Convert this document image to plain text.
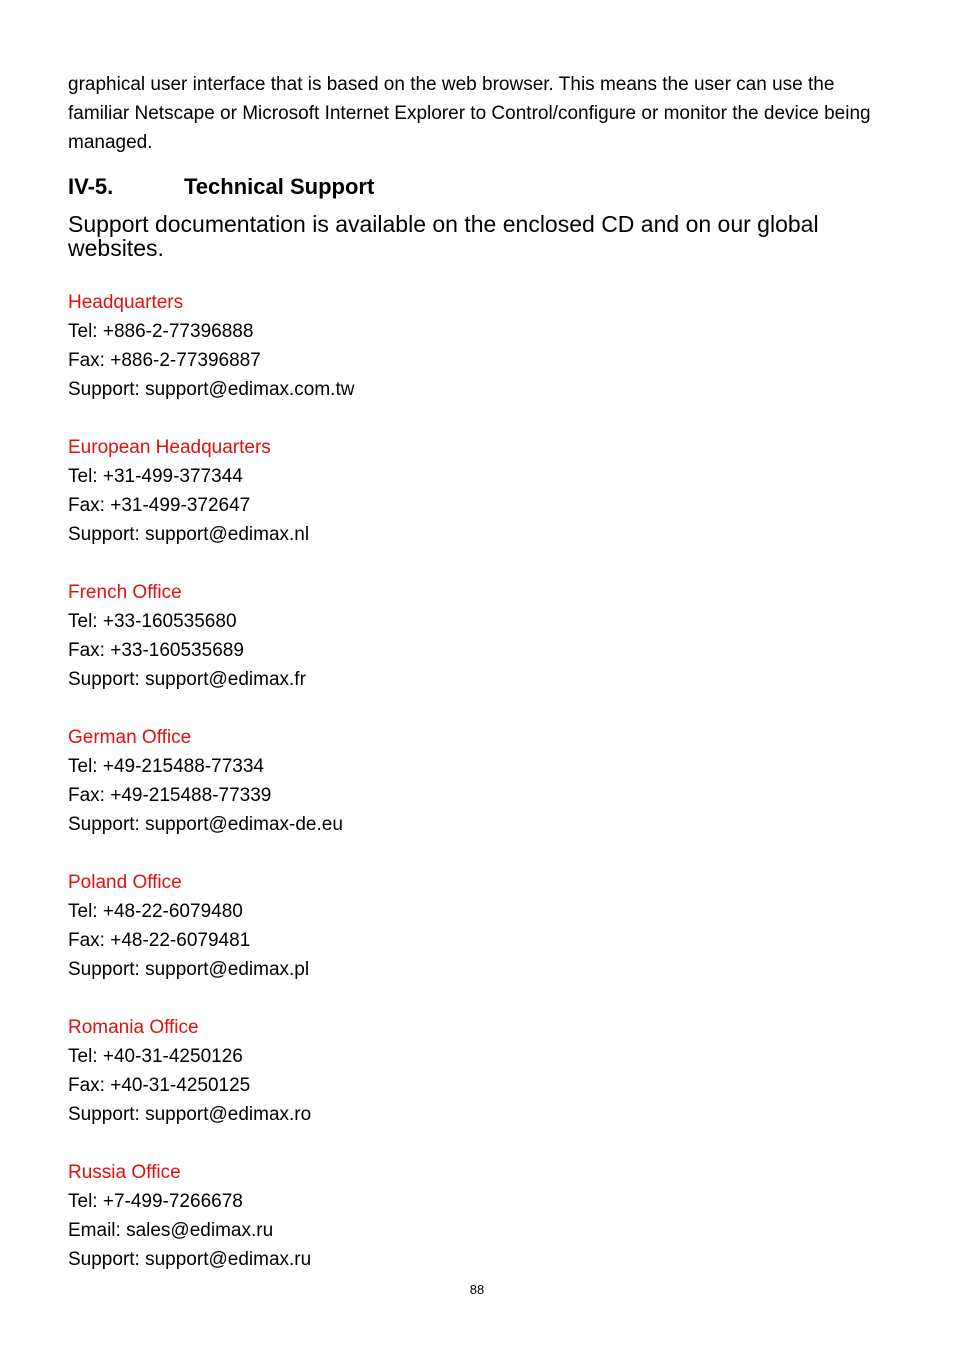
graphical user interface that is based on the web browser. This means the user can use the familiar Netscape or Microsoft Internet Explorer to Control/configure or monitor the device being managed.

IV-5.	Technical Support

Support documentation is available on the enclosed CD and on our global websites.

Headquarters
Tel: +886-2-77396888
Fax: +886-2-77396887
Support: support@edimax.com.tw
European Headquarters
Tel: +31-499-377344
Fax: +31-499-372647
Support: support@edimax.nl
French Office
Tel: +33-160535680
Fax: +33-160535689
Support: support@edimax.fr
German Office
Tel: +49-215488-77334
Fax: +49-215488-77339
Support: support@edimax-de.eu
Poland Office
Tel: +48-22-6079480
Fax: +48-22-6079481
Support: support@edimax.pl
Romania Office
Tel: +40-31-4250126
Fax: +40-31-4250125
Support: support@edimax.ro
Russia Office
Tel: +7-499-7266678
Email: sales@edimax.ru
Support: support@edimax.ru
88
